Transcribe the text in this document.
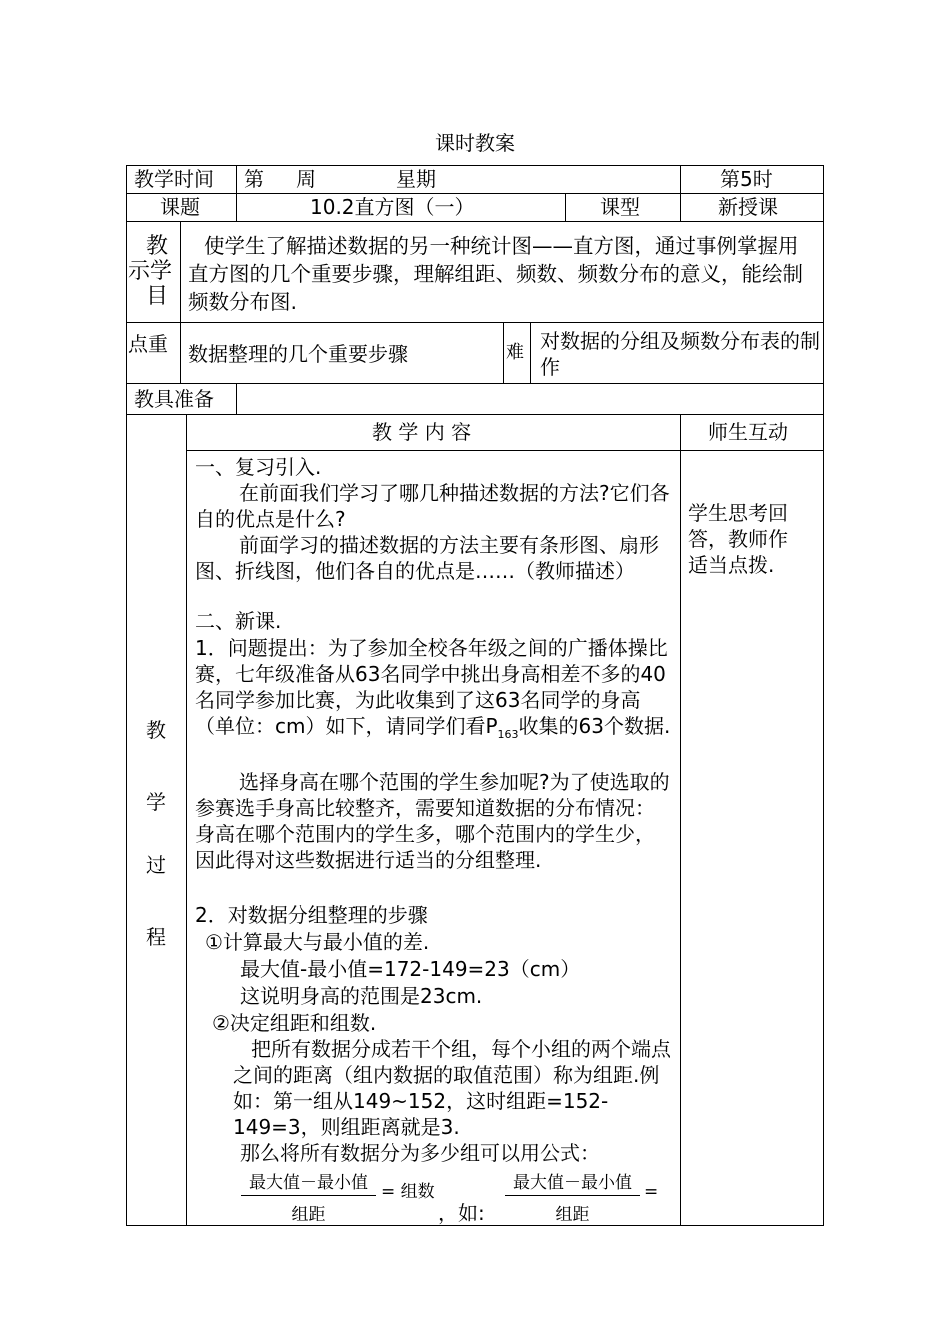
课时教案
教学时间 第 周	星期	第5时
课题	10.2直方图（一）	课型	新授课
教
示学
目
使学生了解描述数据的另一种统计图——直方图，通过事例掌握用直方图的几个重要步骤，理解组距、频数、频数分布的意义，能绘制频数分布图.
点重 数据整理的几个重要步骤	难 对数据的分组及频数分布表的制作
教具准备
教
学
过
程
教 学 内 容	师生互动
学生思考回答，教师作适当点拨.
一、复习引入.
在前面我们学习了哪几种描述数据的方法?它们各自的优点是什么?
前面学习的描述数据的方法主要有条形图、扇形图、折线图，他们各自的优点是……（教师描述）
二、新课.
1．问题提出：为了参加全校各年级之间的广播体操比赛，七年级准备从63名同学中挑出身高相差不多的40名同学参加比赛，为此收集到了这63名同学的身高（单位：cm）如下，请同学们看$P_{163}$收集的63个数据.
选择身高在哪个范围的学生参加呢?为了使选取的参赛选手身高比较整齐，需要知道数据的分布情况：身高在哪个范围内的学生多，哪个范围内的学生少，因此得对这些数据进行适当的分组整理.
2．对数据分组整理的步骤
①计算最大与最小值的差.
最大值-最小值=172-149=23（cm）
这说明身高的范围是23cm.
②决定组距和组数.
把所有数据分成若干个组，每个小组的两个端点之间的距离（组内数据的取值范围）称为组距.例如：第一组从149~152，这时组距=152-149=3，则组距离就是3.
那么将所有数据分为多少组可以用公式：
最大值－最小值
组距
= 组数
，如:
最大值－最小值
组距
=
